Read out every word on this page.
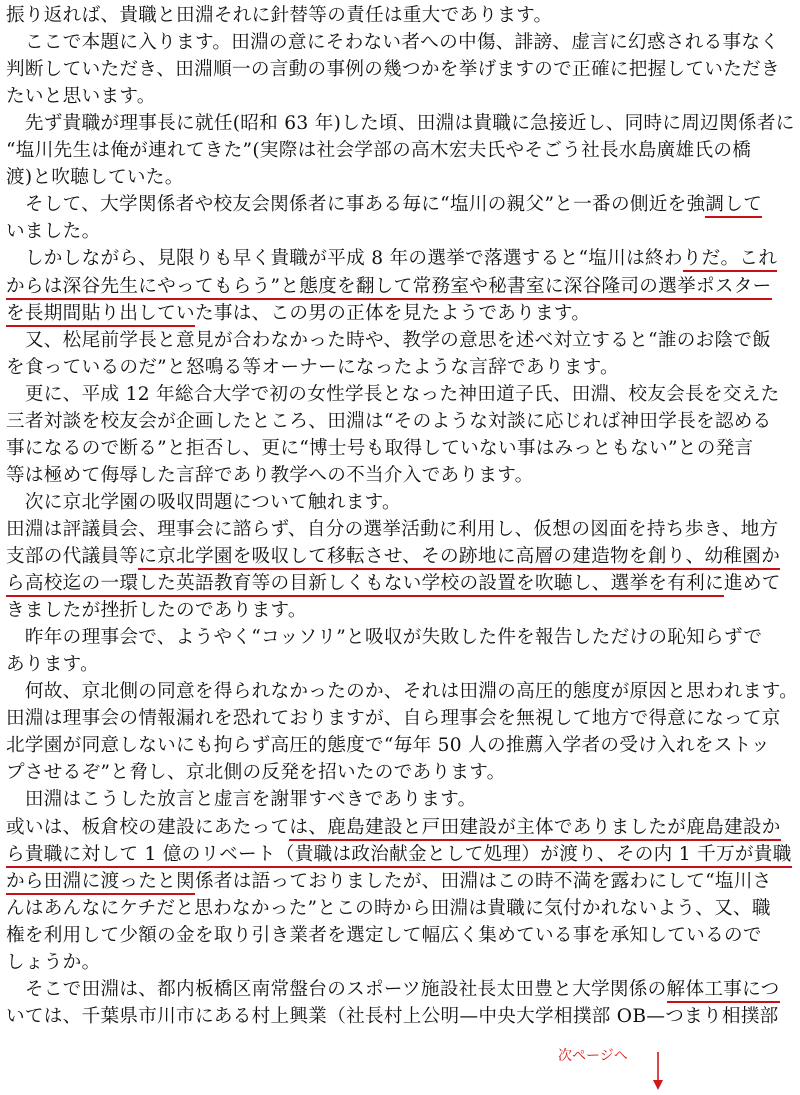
振り返れば、貴職と田淵それに針替等の責任は重大であります。
　ここで本題に入ります。田淵の意にそわない者への中傷、誹謗、虚言に幻惑される事なく
判断していただき、田淵順一の言動の事例の幾つかを挙げますので正確に把握していただき
たいと思います。
　先ず貴職が理事長に就任(昭和 63 年)した頃、田淵は貴職に急接近し、同時に周辺関係者に
“塩川先生は俺が連れてきた”(実際は社会学部の高木宏夫氏やそごう社長水島廣雄氏の橋
渡)と吹聴していた。
　そして、大学関係者や校友会関係者に事ある毎に“塩川の親父”と一番の側近を強調して
いました。
　しかしながら、見限りも早く貴職が平成 8 年の選挙で落選すると“塩川は終わりだ。これ
からは深谷先生にやってもらう”と態度を翻して常務室や秘書室に深谷隆司の選挙ポスター
を長期間貼り出していた事は、この男の正体を見たようであります。
　又、松尾前学長と意見が合わなかった時や、教学の意思を述べ対立すると“誰のお陰で飯
を食っているのだ”と怒鳴る等オーナーになったような言辞であります。
　更に、平成 12 年総合大学で初の女性学長となった神田道子氏、田淵、校友会長を交えた
三者対談を校友会が企画したところ、田淵は“そのような対談に応じれば神田学長を認める
事になるので断る”と拒否し、更に“博士号も取得していない事はみっともない”との発言
等は極めて侮辱した言辞であり教学への不当介入であります。
　次に京北学園の吸収問題について触れます。
田淵は評議員会、理事会に諮らず、自分の選挙活動に利用し、仮想の図面を持ち歩き、地方
支部の代議員等に京北学園を吸収して移転させ、その跡地に高層の建造物を創り、幼稚園か
ら高校迄の一環した英語教育等の目新しくもない学校の設置を吹聴し、選挙を有利に進めて
きましたが挫折したのであります。
　昨年の理事会で、ようやく“コッソリ”と吸収が失敗した件を報告しただけの恥知らずで
あります。
　何故、京北側の同意を得られなかったのか、それは田淵の高圧的態度が原因と思われます。
田淵は理事会の情報漏れを恐れておりますが、自ら理事会を無視して地方で得意になって京
北学園が同意しないにも拘らず高圧的態度で“毎年 50 人の推薦入学者の受け入れをストッ
プさせるぞ”と脅し、京北側の反発を招いたのであります。
　田淵はこうした放言と虚言を謝罪すべきであります。
或いは、板倉校の建設にあたっては、鹿島建設と戸田建設が主体でありましたが鹿島建設か
ら貴職に対して 1 億のリベート（貴職は政治献金として処理）が渡り、その内 1 千万が貴職
から田淵に渡ったと関係者は語っておりましたが、田淵はこの時不満を露わにして“塩川さ
んはあんなにケチだと思わなかった”とこの時から田淵は貴職に気付かれないよう、又、職
権を利用して少額の金を取り引き業者を選定して幅広く集めている事を承知しているので
しょうか。
　そこで田淵は、都内板橋区南常盤台のスポーツ施設社長太田豊と大学関係の解体工事につ
いては、千葉県市川市にある村上興業（社長村上公明—中央大学相撲部 OB—つまり相撲部
次ページへ
